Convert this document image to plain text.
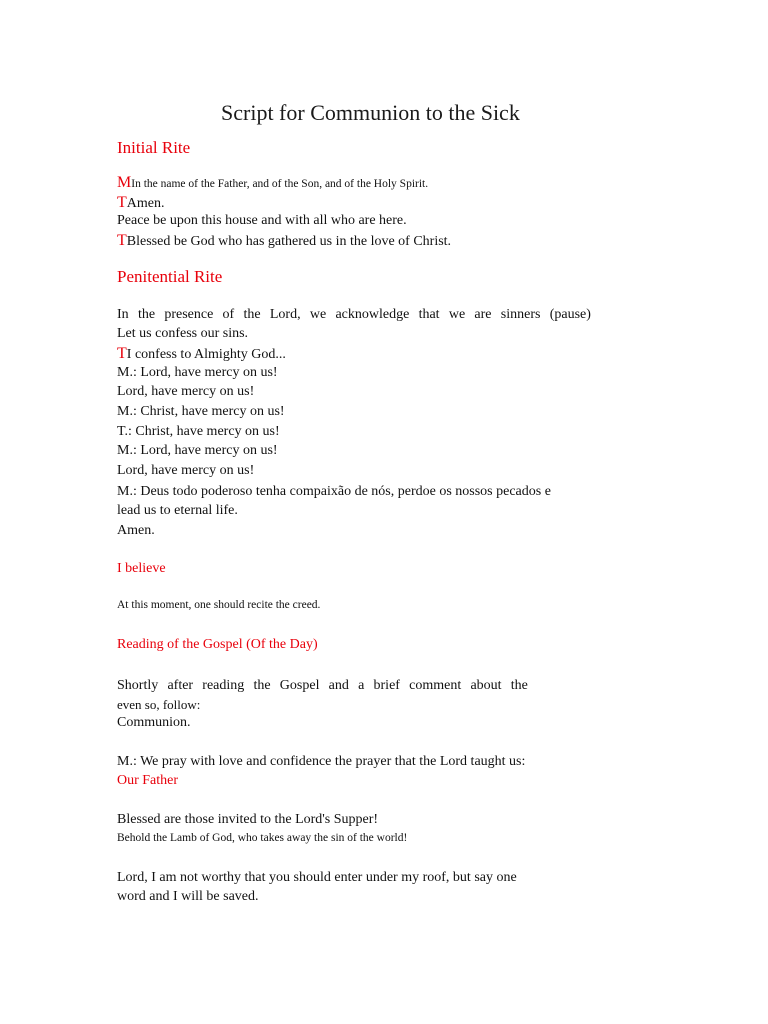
Script for Communion to the Sick
Initial Rite
MIn the name of the Father, and of the Son, and of the Holy Spirit.
TAmen.
Peace be upon this house and with all who are here.
TBlessed be God who has gathered us in the love of Christ.
Penitential Rite
In the presence of the Lord, we acknowledge that we are sinners (pause)
Let us confess our sins.
TI confess to Almighty God...
M.: Lord, have mercy on us!
Lord, have mercy on us!
M.: Christ, have mercy on us!
T.: Christ, have mercy on us!
M.: Lord, have mercy on us!
Lord, have mercy on us!
M.: Deus todo poderoso tenha compaixão de nós, perdoe os nossos pecados e
lead us to eternal life.
Amen.
I believe
At this moment, one should recite the creed.
Reading of the Gospel (Of the Day)
Shortly after reading the Gospel and a brief comment about the
even so, follow:
Communion.
M.: We pray with love and confidence the prayer that the Lord taught us:
Our Father
Blessed are those invited to the Lord's Supper!
Behold the Lamb of God, who takes away the sin of the world!
Lord, I am not worthy that you should enter under my roof, but say one
word and I will be saved.
